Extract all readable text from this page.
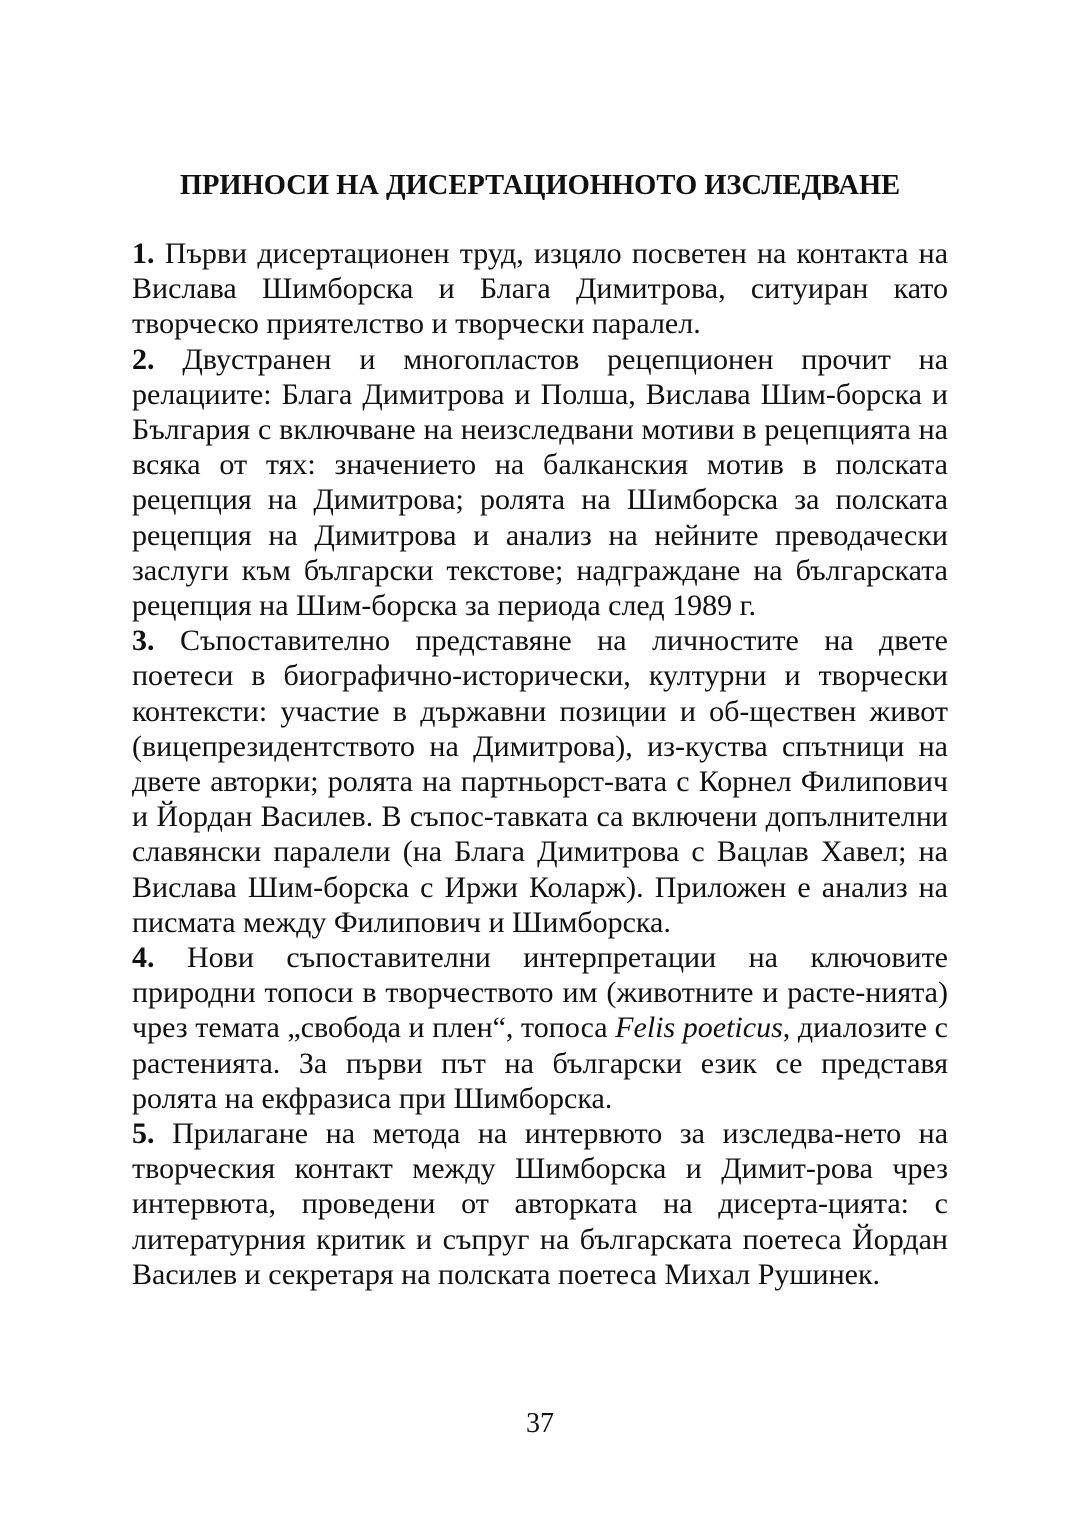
ПРИНОСИ НА ДИСЕРТАЦИОННОТО ИЗСЛЕДВАНЕ

1. Първи дисертационен труд, изцяло посветен на контакта на Вислава Шимборска и Блага Димитрова, ситуиран като творческо приятелство и творчески паралел.

2. Двустранен и многопластов рецепционен прочит на релациите: Блага Димитрова и Полша, Вислава Шим-борска и България с включване на неизследвани мотиви в рецепцията на всяка от тях: значението на балканския мотив в полската рецепция на Димитрова; ролята на Шимборска за полската рецепция на Димитрова и анализ на нейните преводачески заслуги към български текстове; надграждане на българската рецепция на Шим-борска за периода след 1989 г.

3. Съпоставително представяне на личностите на двете поетеси в биографично-исторически, културни и творчески контексти: участие в държавни позиции и об-ществен живот (вицепрезидентството на Димитрова), из-куства спътници на двете авторки; ролята на партньорст-вата с Корнел Филипович и Йордан Василев. В съпос-тавката са включени допълнителни славянски паралели (на Блага Димитрова с Вацлав Хавел; на Вислава Шим-борска с Иржи Коларж). Приложен е анализ на писмата между Филипович и Шимборска.

4. Нови съпоставителни интерпретации на ключовите природни топоси в творчеството им (животните и расте-нията) чрез темата „свобода и плен“, топоса Felis poeticus, диалозите с растенията. За първи път на български език се представя ролята на екфразиса при Шимборска.

5. Прилагане на метода на интервюто за изследва-нето на творческия контакт между Шимборска и Димит-рова чрез интервюта, проведени от авторката на дисерта-цията: с литературния критик и съпруг на българската поетеса Йордан Василев и секретаря на полската поетеса Михал Рушинек.

37
